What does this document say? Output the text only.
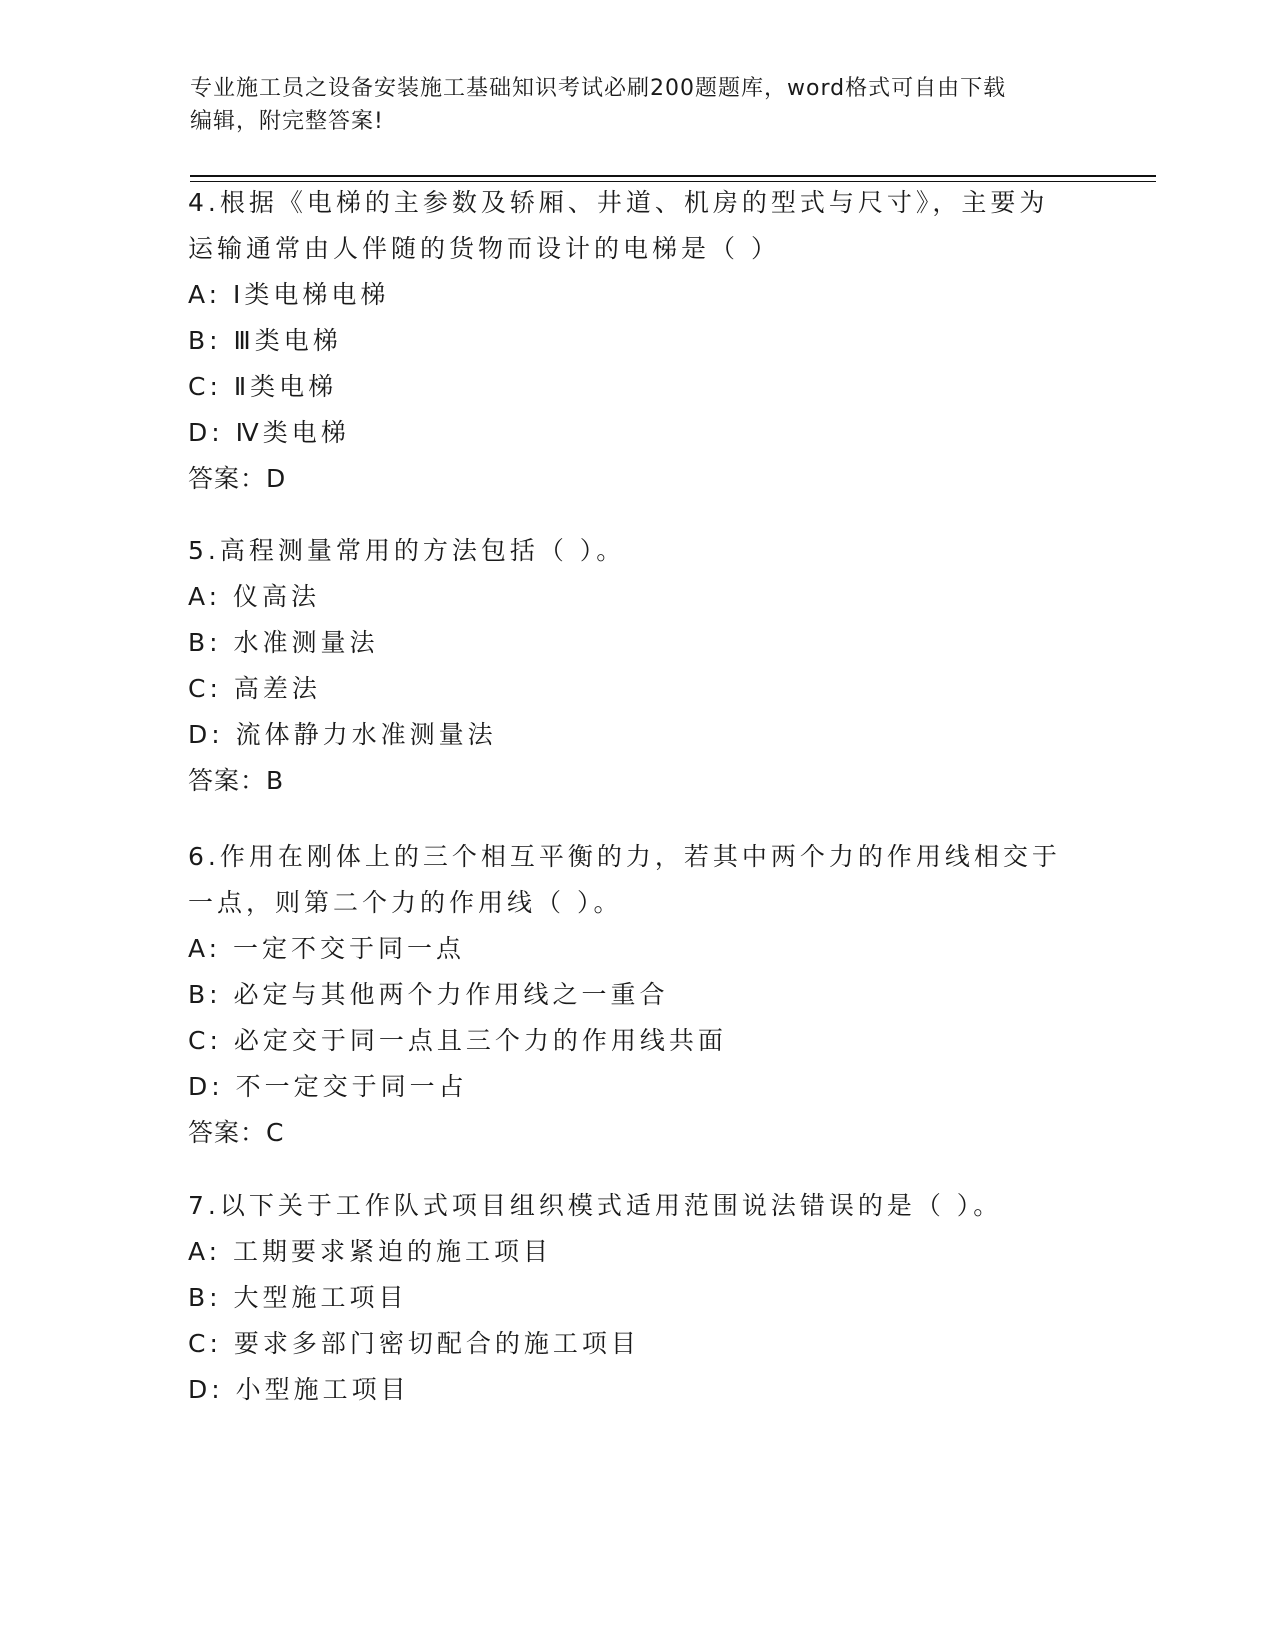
专业施工员之设备安装施工基础知识考试必刷200题题库，word格式可自由下载
编辑，附完整答案!

4.根据《电梯的主参数及轿厢、井道、机房的型式与尺寸》，主要为

运输通常由人伴随的货物而设计的电梯是（ ）

A: Ⅰ类电梯电梯

B: Ⅲ类电梯

C: Ⅱ类电梯

D: Ⅳ类电梯

答案：D

5.高程测量常用的方法包括（ ）。

A: 仪高法

B: 水准测量法

C: 高差法

D: 流体静力水准测量法

答案：B

6.作用在刚体上的三个相互平衡的力，若其中两个力的作用线相交于

一点，则第二个力的作用线（ ）。

A: 一定不交于同一点

B: 必定与其他两个力作用线之一重合

C: 必定交于同一点且三个力的作用线共面

D: 不一定交于同一占

答案：C

7.以下关于工作队式项目组织模式适用范围说法错误的是（ ）。

A: 工期要求紧迫的施工项目

B: 大型施工项目

C: 要求多部门密切配合的施工项目

D: 小型施工项目
